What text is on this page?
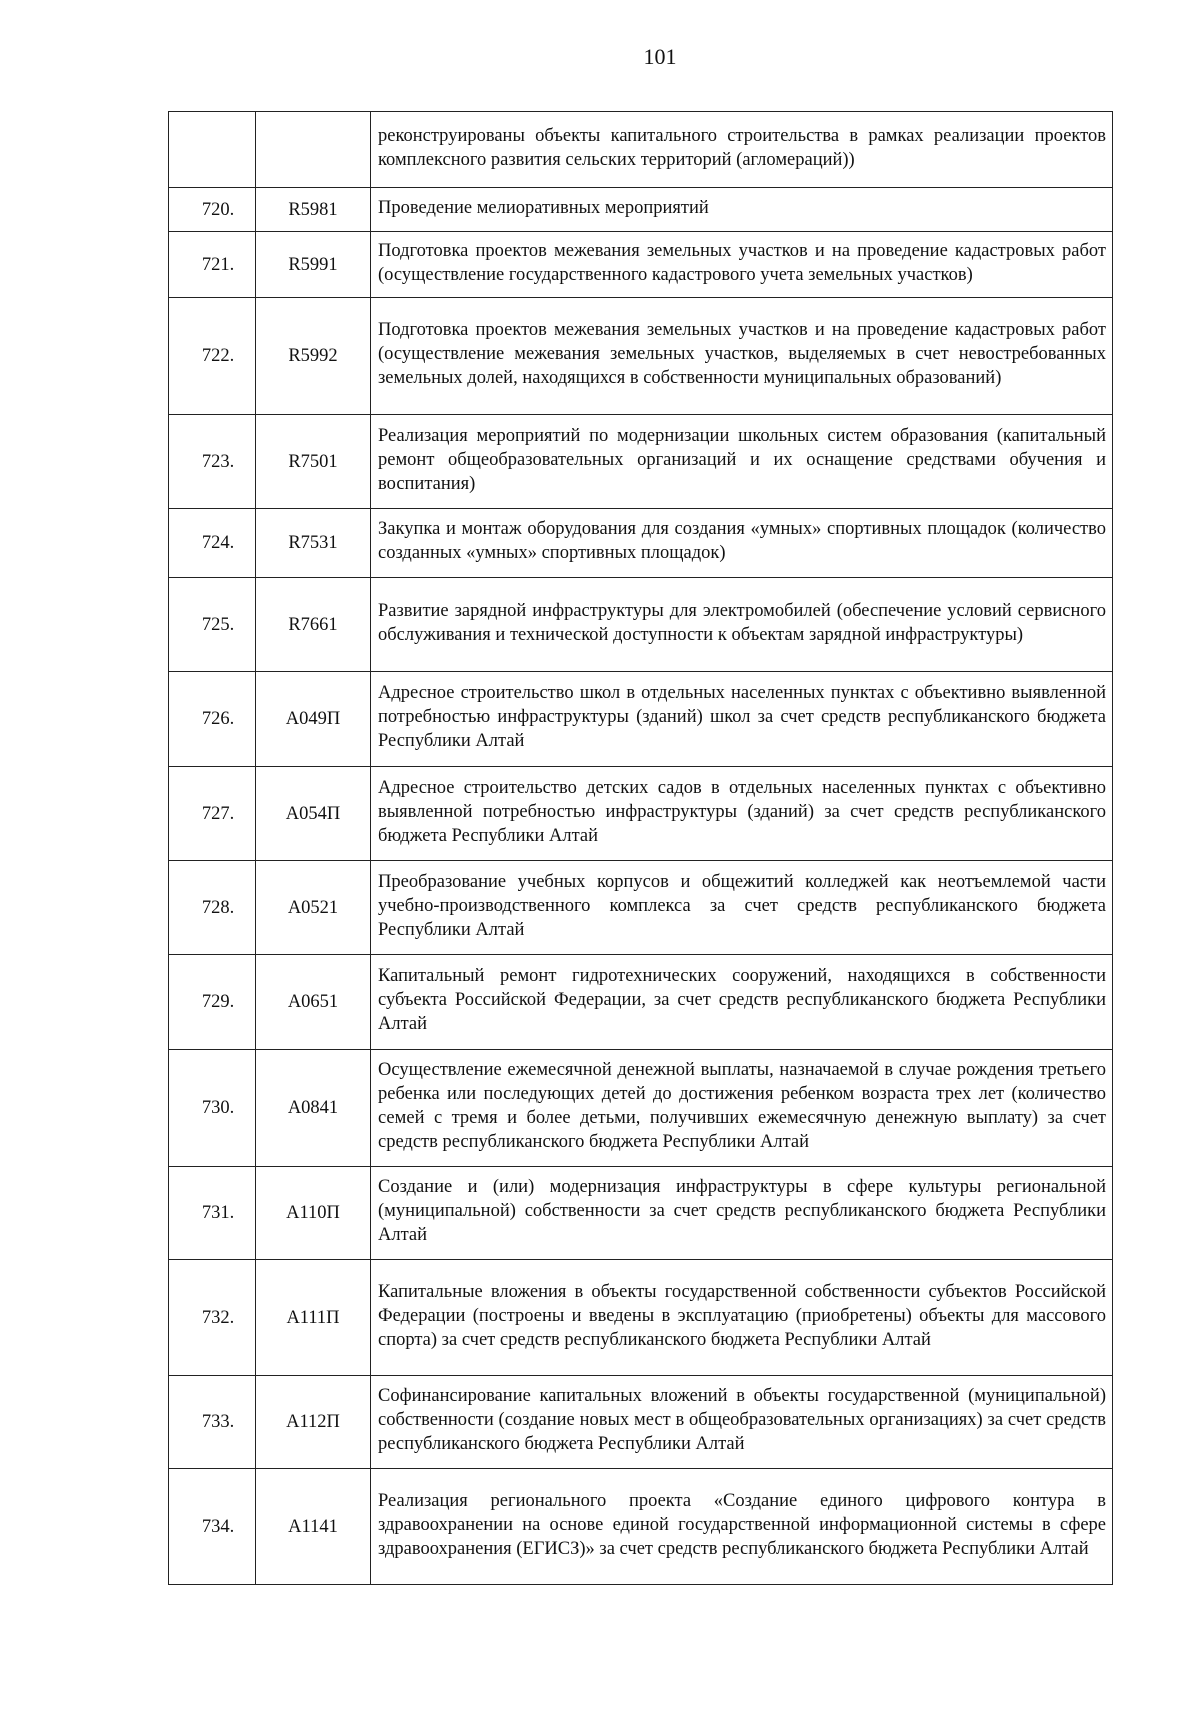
101

		реконструированы объекты капитального строительства в рамках реализации проектов комплексного развития сельских территорий (агломераций))

720.	R5981	Проведение мелиоративных мероприятий

721.	R5991	Подготовка проектов межевания земельных участков и на проведение кадастровых работ (осуществление государственного кадастрового учета земельных участков)

722.	R5992	Подготовка проектов межевания земельных участков и на проведение кадастровых работ (осуществление межевания земельных участков, выделяемых в счет невостребованных земельных долей, находящихся в собственности муниципальных образований)

723.	R7501	Реализация мероприятий по модернизации школьных систем образования (капитальный ремонт общеобразовательных организаций и их оснащение средствами обучения и воспитания)

724.	R7531	Закупка и монтаж оборудования для создания «умных» спортивных площадок (количество созданных «умных» спортивных площадок)

725.	R7661	Развитие зарядной инфраструктуры для электромобилей (обеспечение условий сервисного обслуживания и технической доступности к объектам зарядной инфраструктуры)

726.	А049П	Адресное строительство школ в отдельных населенных пунктах с объективно выявленной потребностью инфраструктуры (зданий) школ за счет средств республиканского бюджета Республики Алтай

727.	А054П	Адресное строительство детских садов в отдельных населенных пунктах с объективно выявленной потребностью инфраструктуры (зданий) за счет средств республиканского бюджета Республики Алтай

728.	А0521	Преобразование учебных корпусов и общежитий колледжей как неотъемлемой части учебно-производственного комплекса за счет средств республиканского бюджета Республики Алтай

729.	А0651	Капитальный ремонт гидротехнических сооружений, находящихся в собственности субъекта Российской Федерации, за счет средств республиканского бюджета Республики Алтай

730.	А0841	Осуществление ежемесячной денежной выплаты, назначаемой в случае рождения третьего ребенка или последующих детей до достижения ребенком возраста трех лет (количество семей с тремя и более детьми, получивших ежемесячную денежную выплату) за счет средств республиканского бюджета Республики Алтай

731.	А110П	Создание и (или) модернизация инфраструктуры в сфере культуры региональной (муниципальной) собственности за счет средств республиканского бюджета Республики Алтай

732.	А111П	Капитальные вложения в объекты государственной собственности субъектов Российской Федерации (построены и введены в эксплуатацию (приобретены) объекты для массового спорта) за счет средств республиканского бюджета Республики Алтай

733.	А112П	Софинансирование капитальных вложений в объекты государственной (муниципальной) собственности (создание новых мест в общеобразовательных организациях) за счет средств республиканского бюджета Республики Алтай

734.	А1141	Реализация регионального проекта «Создание единого цифрового контура в здравоохранении на основе единой государственной информационной системы в сфере здравоохранения (ЕГИСЗ)» за счет средств республиканского бюджета Республики Алтай
